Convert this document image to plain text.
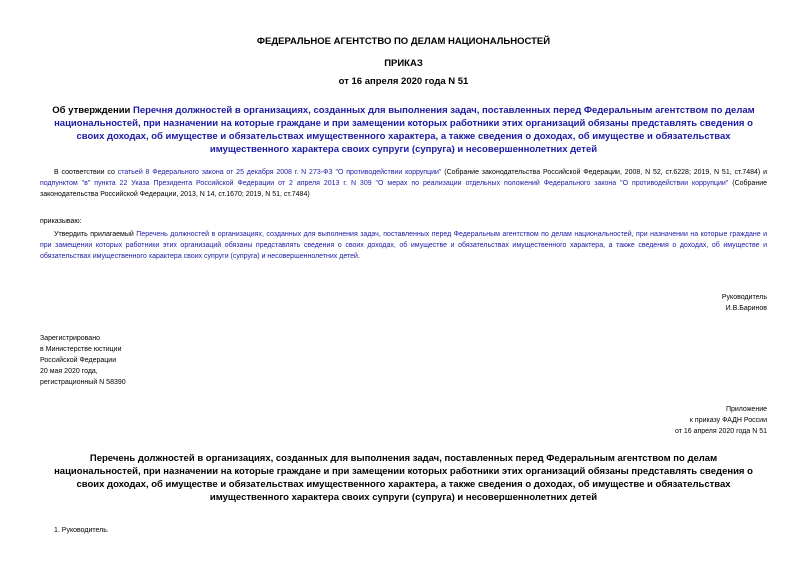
ФЕДЕРАЛЬНОЕ АГЕНТСТВО ПО ДЕЛАМ НАЦИОНАЛЬНОСТЕЙ
ПРИКАЗ
от 16 апреля 2020 года N 51
Об утверждении Перечня должностей в организациях, созданных для выполнения задач, поставленных перед Федеральным агентством по делам национальностей, при назначении на которые граждане и при замещении которых работники этих организаций обязаны представлять сведения о своих доходах, об имуществе и обязательствах имущественного характера, а также сведения о доходах, об имуществе и обязательствах имущественного характера своих супруги (супруга) и несовершеннолетних детей
В соответствии со статьей 8 Федерального закона от 25 декабря 2008 г. N 273-ФЗ "О противодействии коррупции" (Собрание законодательства Российской Федерации, 2008, N 52, ст.6228; 2019, N 51, ст.7484) и подпунктом "в" пункта 22 Указа Президента Российской Федерации от 2 апреля 2013 г. N 309 "О мерах по реализации отдельных положений Федерального закона "О противодействии коррупции" (Собрание законодательства Российской Федерации, 2013, N 14, ст.1670; 2019, N 51, ст.7484)
приказываю:
Утвердить прилагаемый Перечень должностей в организациях, созданных для выполнения задач, поставленных перед Федеральным агентством по делам национальностей, при назначении на которые граждане и при замещении которых работники этих организаций обязаны представлять сведения о своих доходах, об имуществе и обязательствах имущественного характера, а также сведения о доходах, об имуществе и обязательствах имущественного характера своих супруги (супруга) и несовершеннолетних детей.
Руководитель
И.В.Баринов
Зарегистрировано
в Министерстве юстиции
Российской Федерации
20 мая 2020 года,
регистрационный N 58390
Приложение
к приказу ФАДН России
от 16 апреля 2020 года N 51
Перечень должностей в организациях, созданных для выполнения задач, поставленных перед Федеральным агентством по делам национальностей, при назначении на которые граждане и при замещении которых работники этих организаций обязаны представлять сведения о своих доходах, об имуществе и обязательствах имущественного характера, а также сведения о доходах, об имуществе и обязательствах имущественного характера своих супруги (супруга) и несовершеннолетних детей
1. Руководитель.
